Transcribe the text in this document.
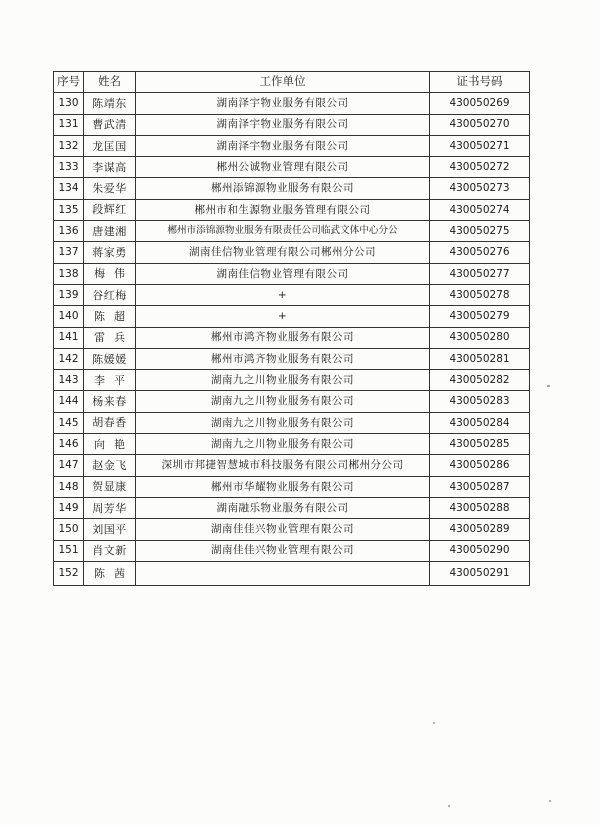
序号	姓名	工作单位	证书号码
130	陈靖东	湖南泽宇物业服务有限公司	430050269
131	曹武清	湖南泽宇物业服务有限公司	430050270
132	龙匡国	湖南泽宇物业服务有限公司	430050271
133	李谋高	郴州公诚物业管理有限公司	430050272
134	朱爱华	郴州添锦源物业服务有限公司	430050273
135	段辉红	郴州市和生源物业服务管理有限公司	430050274
136	唐建湘	郴州市添锦源物业服务有限责任公司临武文体中心分公	430050275
137	蒋家勇	湖南佳信物业管理有限公司郴州分公司	430050276
138	梅伟	湖南佳信物业管理有限公司	430050277
139	谷红梅	+	430050278
140	陈超	+	430050279
141	雷兵	郴州市鸿齐物业服务有限公司	430050280
142	陈媛媛	郴州市鸿齐物业服务有限公司	430050281
143	李平	湖南九之川物业服务有限公司	430050282
144	杨来春	湖南九之川物业服务有限公司	430050283
145	胡春香	湖南九之川物业服务有限公司	430050284
146	向艳	湖南九之川物业服务有限公司	430050285
147	赵金飞	深圳市邦捷智慧城市科技服务有限公司郴州分公司	430050286
148	贺显康	郴州市华耀物业服务有限公司	430050287
149	周芳华	湖南融乐物业服务有限公司	430050288
150	刘国平	湖南佳佳兴物业管理有限公司	430050289
151	肖文新	湖南佳佳兴物业管理有限公司	430050290
152	陈茜		430050291
